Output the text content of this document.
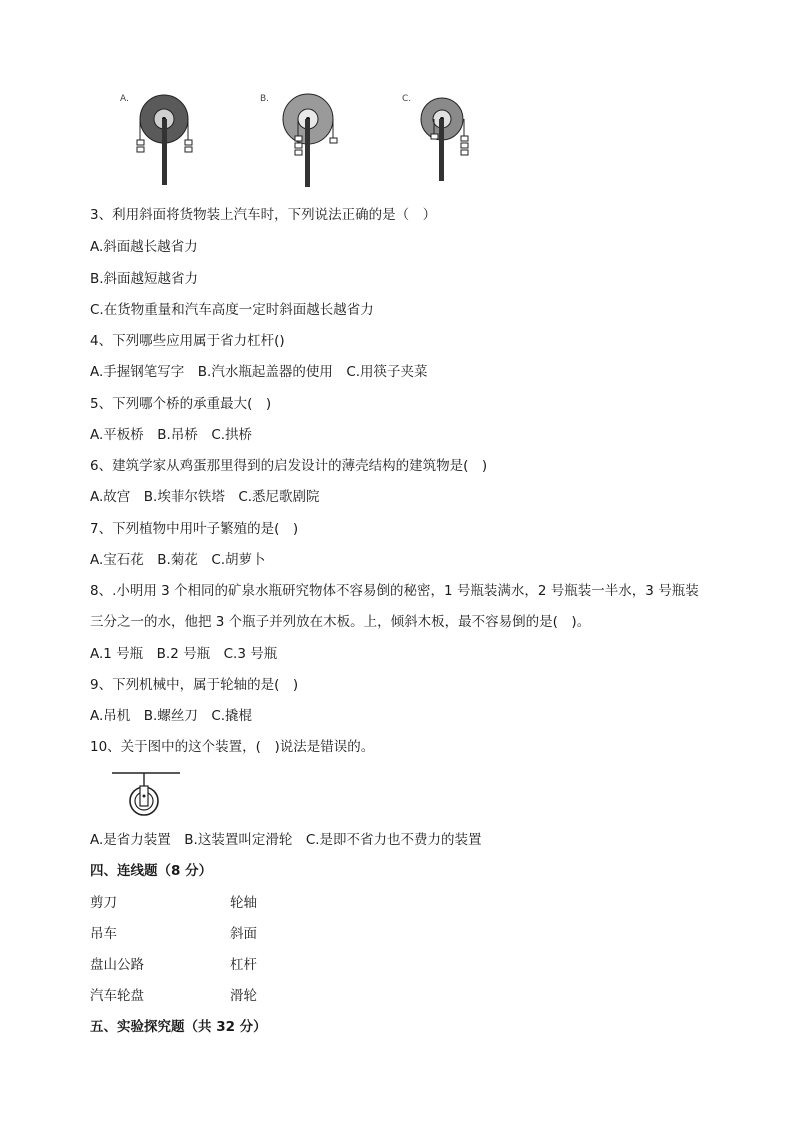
A.	B.	C.
3、利用斜面将货物装上汽车时，下列说法正确的是（　）
A.斜面越长越省力
B.斜面越短越省力
C.在货物重量和汽车高度一定时斜面越长越省力
4、下列哪些应用属于省力杠杆()
A.手握钢笔写字　B.汽水瓶起盖器的使用　C.用筷子夹菜
5、下列哪个桥的承重最大(　)
A.平板桥　B.吊桥　C.拱桥
6、建筑学家从鸡蛋那里得到的启发设计的薄壳结构的建筑物是(　)
A.故宫　B.埃菲尔铁塔　C.悉尼歌剧院
7、下列植物中用叶子繁殖的是(　)
A.宝石花　B.菊花　C.胡萝卜
8、.小明用 3 个相同的矿泉水瓶研究物体不容易倒的秘密，1 号瓶装满水，2 号瓶装一半水，3 号瓶装
三分之一的水，他把 3 个瓶子并列放在木板。上，倾斜木板，最不容易倒的是(　)。
A.1 号瓶　B.2 号瓶　C.3 号瓶
9、下列机械中，属于轮轴的是(　)
A.吊机　B.螺丝刀　C.撬棍
10、关于图中的这个装置，(　)说法是错误的。
A.是省力装置　B.这装置叫定滑轮　C.是即不省力也不费力的装置
四、连线题（8 分）
剪刀	轮轴
吊车	斜面
盘山公路	杠杆
汽车轮盘	滑轮
五、实验探究题（共 32 分）
